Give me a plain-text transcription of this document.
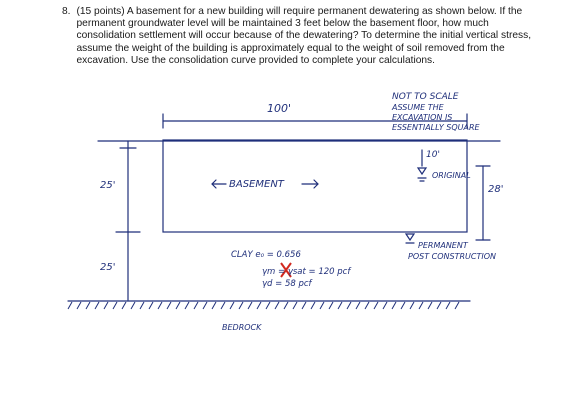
8. (15 points) A basement for a new building will require permanent dewatering as shown below. If the permanent groundwater level will be maintained 3 feet below the basement floor, how much consolidation settlement will occur because of the dewatering? To determine the initial vertical stress, assume the weight of the building is approximately equal to the weight of soil removed from the excavation. Use the consolidation curve provided to complete your calculations.
100'
25'
25'
10'
28'
BASEMENT
NOT TO SCALE
ASSUME THE
EXCAVATION IS
ESSENTIALLY SQUARE
ORIGINAL
PERMANENT
POST CONSTRUCTION
CLAY e₀ = 0.656
γm = γsat = 120 pcf
γd = 58 pcf
BEDROCK
